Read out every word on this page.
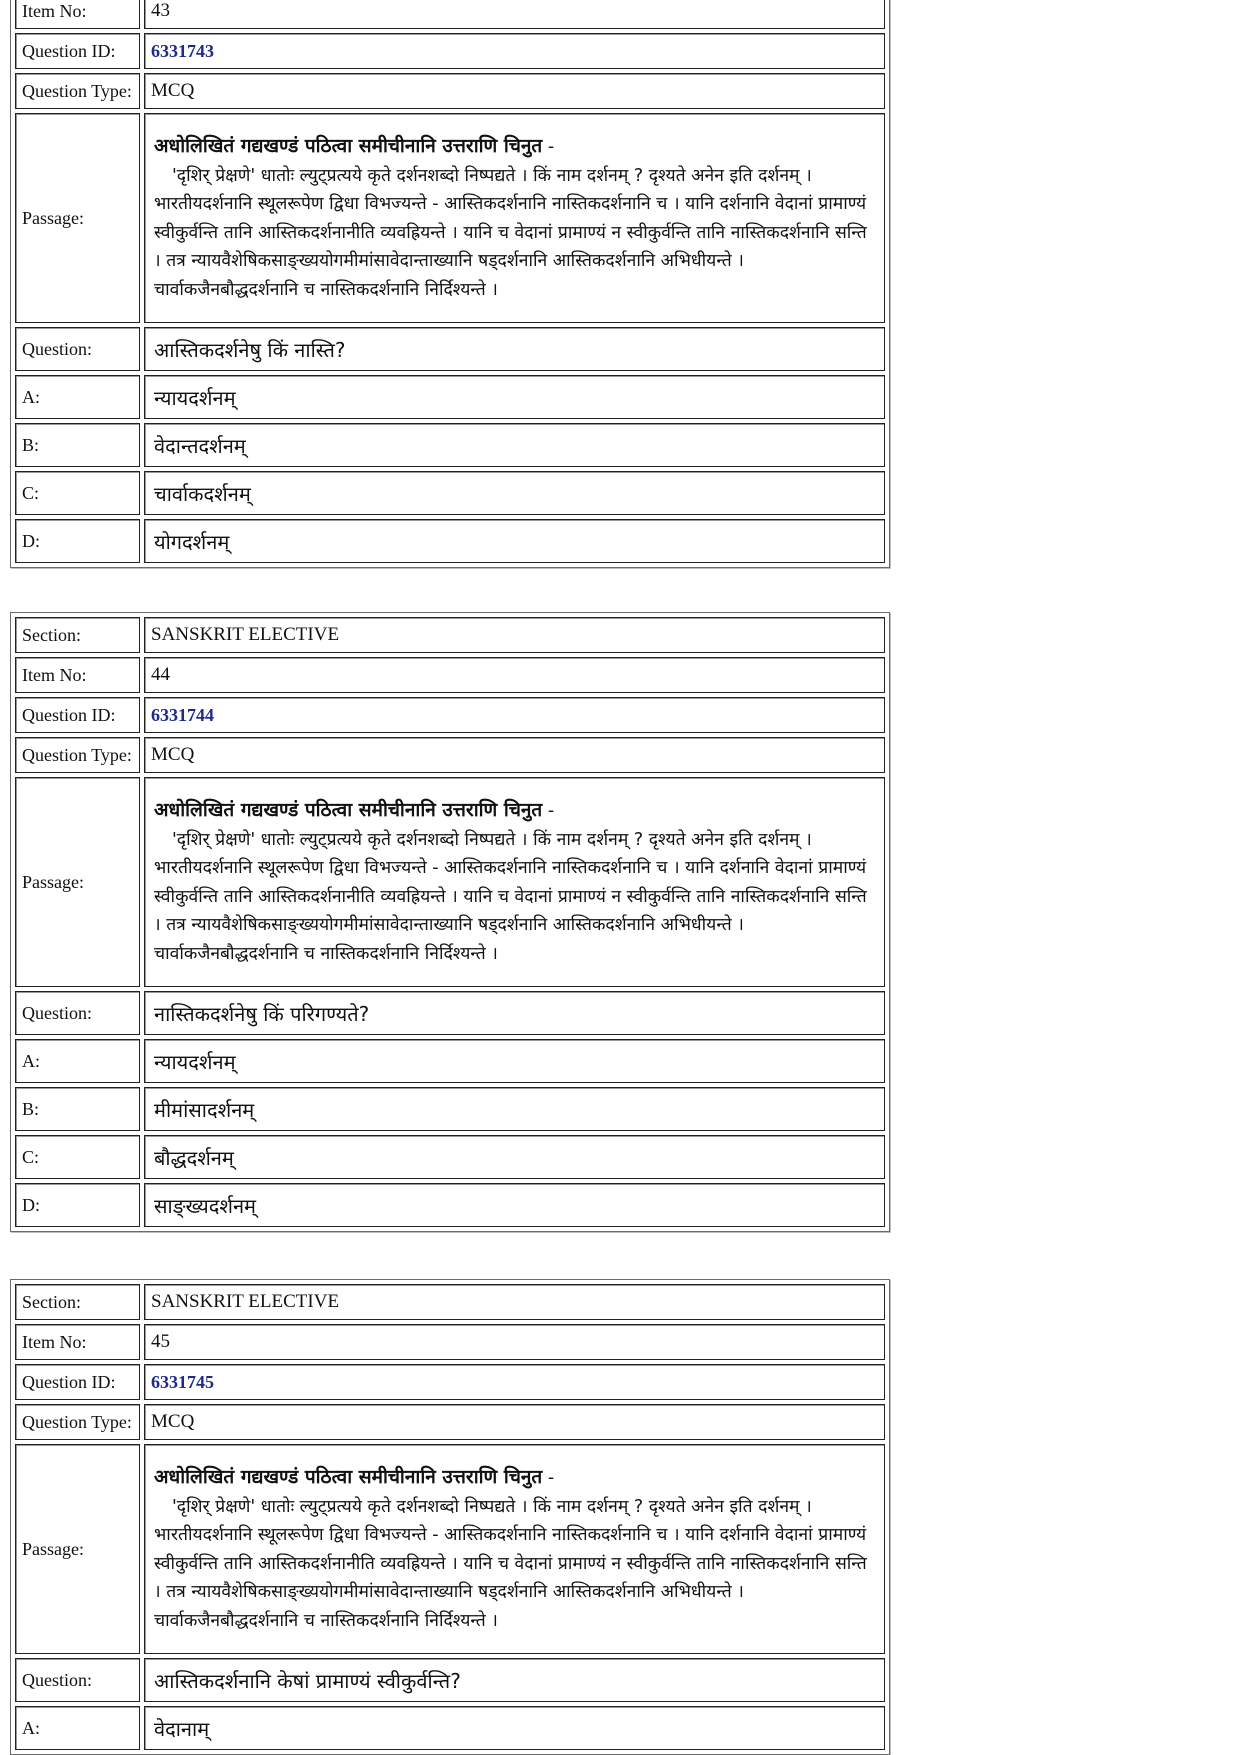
Item No:	43
Question ID:	6331743
Question Type:	MCQ
Passage:	अधोलिखितं गद्यखण्डं पठित्वा समीचीनानि उत्तराणि चिनुत -

'दृशिर् प्रेक्षणे' धातोः ल्युट्प्रत्यये कृते दर्शनशब्दो निष्पद्यते । किं नाम दर्शनम् ? दृश्यते अनेन इति दर्शनम् । भारतीयदर्शनानि स्थूलरूपेण द्विधा विभज्यन्ते - आस्तिकदर्शनानि नास्तिकदर्शनानि च । यानि दर्शनानि वेदानां प्रामाण्यं स्वीकुर्वन्ति तानि आस्तिकदर्शनानीति व्यवह्रियन्ते । यानि च वेदानां प्रामाण्यं न स्वीकुर्वन्ति तानि नास्तिकदर्शनानि सन्ति । तत्र न्यायवैशेषिकसाङ्ख्ययोगमीमांसावेदान्ताख्यानि षड्दर्शनानि आस्तिकदर्शनानि अभिधीयन्ते । चार्वाकजैनबौद्धदर्शनानि च नास्तिकदर्शनानि निर्दिश्यन्ते ।

Question:	आस्तिकदर्शनेषु किं नास्ति?
A:	न्यायदर्शनम्
B:	वेदान्तदर्शनम्
C:	चार्वाकदर्शनम्
D:	योगदर्शनम्
Section:	SANSKRIT ELECTIVE
Item No:	44
Question ID:	6331744
Question Type:	MCQ
Passage:	अधोलिखितं गद्यखण्डं पठित्वा समीचीनानि उत्तराणि चिनुत -

'दृशिर् प्रेक्षणे' धातोः ल्युट्प्रत्यये कृते दर्शनशब्दो निष्पद्यते । किं नाम दर्शनम् ? दृश्यते अनेन इति दर्शनम् । भारतीयदर्शनानि स्थूलरूपेण द्विधा विभज्यन्ते - आस्तिकदर्शनानि नास्तिकदर्शनानि च । यानि दर्शनानि वेदानां प्रामाण्यं स्वीकुर्वन्ति तानि आस्तिकदर्शनानीति व्यवह्रियन्ते । यानि च वेदानां प्रामाण्यं न स्वीकुर्वन्ति तानि नास्तिकदर्शनानि सन्ति । तत्र न्यायवैशेषिकसाङ्ख्ययोगमीमांसावेदान्ताख्यानि षड्दर्शनानि आस्तिकदर्शनानि अभिधीयन्ते । चार्वाकजैनबौद्धदर्शनानि च नास्तिकदर्शनानि निर्दिश्यन्ते ।

Question:	नास्तिकदर्शनेषु किं परिगण्यते?
A:	न्यायदर्शनम्
B:	मीमांसादर्शनम्
C:	बौद्धदर्शनम्
D:	साङ्ख्यदर्शनम्
Section:	SANSKRIT ELECTIVE
Item No:	45
Question ID:	6331745
Question Type:	MCQ
Passage:	अधोलिखितं गद्यखण्डं पठित्वा समीचीनानि उत्तराणि चिनुत -

'दृशिर् प्रेक्षणे' धातोः ल्युट्प्रत्यये कृते दर्शनशब्दो निष्पद्यते । किं नाम दर्शनम् ? दृश्यते अनेन इति दर्शनम् । भारतीयदर्शनानि स्थूलरूपेण द्विधा विभज्यन्ते - आस्तिकदर्शनानि नास्तिकदर्शनानि च । यानि दर्शनानि वेदानां प्रामाण्यं स्वीकुर्वन्ति तानि आस्तिकदर्शनानीति व्यवह्रियन्ते । यानि च वेदानां प्रामाण्यं न स्वीकुर्वन्ति तानि नास्तिकदर्शनानि सन्ति । तत्र न्यायवैशेषिकसाङ्ख्ययोगमीमांसावेदान्ताख्यानि षड्दर्शनानि आस्तिकदर्शनानि अभिधीयन्ते । चार्वाकजैनबौद्धदर्शनानि च नास्तिकदर्शनानि निर्दिश्यन्ते ।

Question:	आस्तिकदर्शनानि केषां प्रामाण्यं स्वीकुर्वन्ति?
A:	वेदानाम्
